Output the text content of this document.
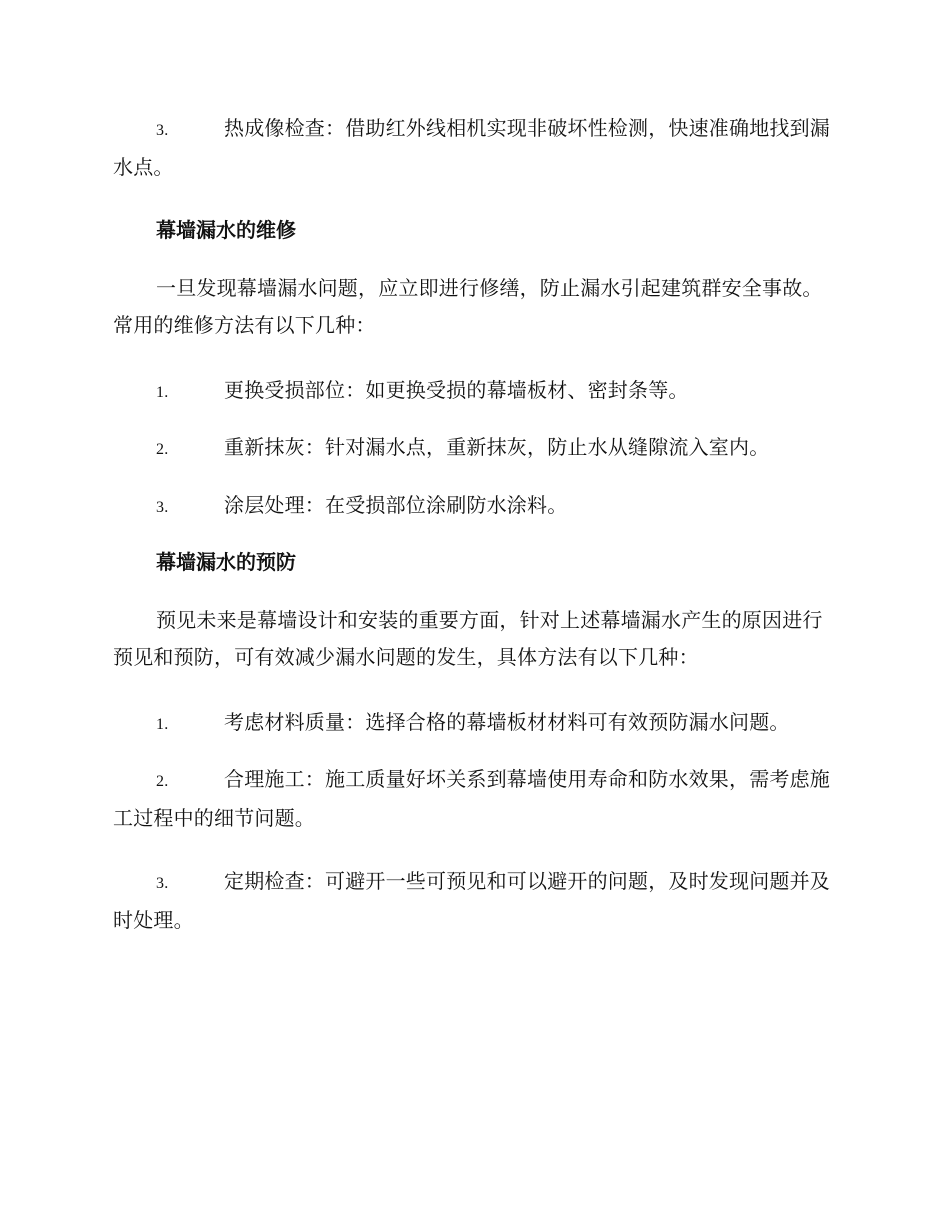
3.	热成像检查：借助红外线相机实现非破坏性检测，快速准确地找到漏水点。
幕墙漏水的维修
一旦发现幕墙漏水问题，应立即进行修缮，防止漏水引起建筑群安全事故。常用的维修方法有以下几种：
1.	更换受损部位：如更换受损的幕墙板材、密封条等。
2.	重新抹灰：针对漏水点，重新抹灰，防止水从缝隙流入室内。
3.	涂层处理：在受损部位涂刷防水涂料。
幕墙漏水的预防
预见未来是幕墙设计和安装的重要方面，针对上述幕墙漏水产生的原因进行预见和预防，可有效减少漏水问题的发生，具体方法有以下几种：
1.	考虑材料质量：选择合格的幕墙板材材料可有效预防漏水问题。
2.	合理施工：施工质量好坏关系到幕墙使用寿命和防水效果，需考虑施工过程中的细节问题。
3.	定期检查：可避开一些可预见和可以避开的问题，及时发现问题并及时处理。
